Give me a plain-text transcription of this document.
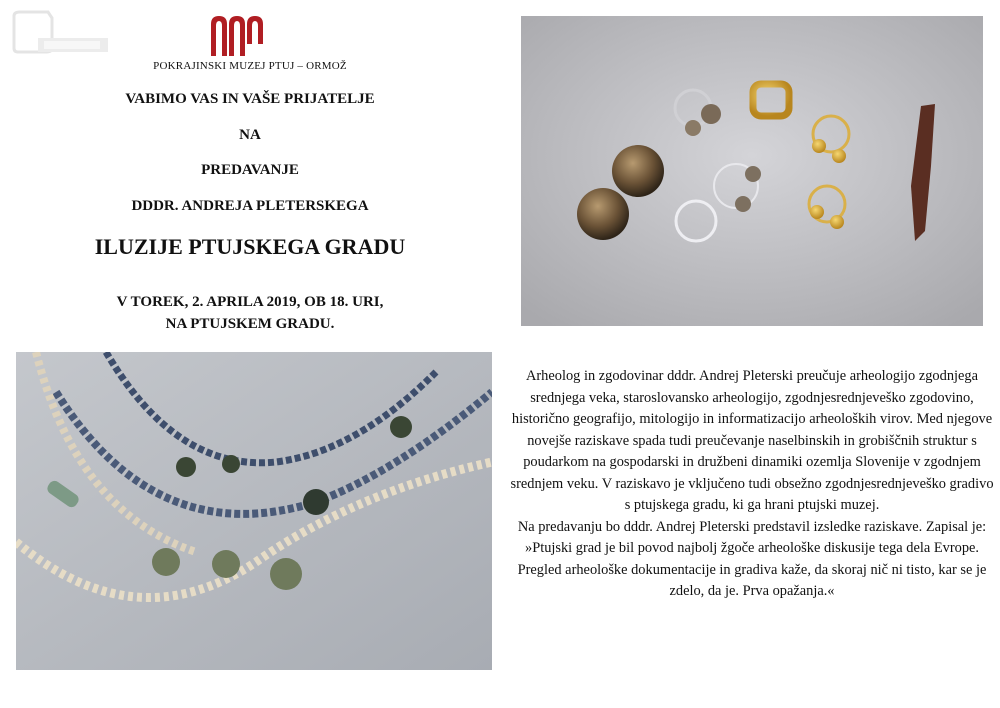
POKRAJINSKI MUZEJ PTUJ – ORMOŽ
VABIMO VAS IN VAŠE PRIJATELJE
NA
PREDAVANJE
DDDR. ANDREJA PLETERSKEGA
ILUZIJE PTUJSKEGA GRADU
V TOREK, 2. APRILA 2019, OB 18. URI,
NA PTUJSKEM GRADU.

Arheolog in zgodovinar dddr. Andrej Pleterski preučuje arheologijo zgodnjega srednjega veka, staroslovansko arheologijo, zgodnjesrednjeveško zgodovino, historično geografijo, mitologijo in informatizacijo arheoloških virov. Med njegove novejše raziskave spada tudi preučevanje naselbinskih in grobiščnih struktur s poudarkom na gospodarski in družbeni dinamiki ozemlja Slovenije v zgodnjem srednjem veku. V raziskavo je vključeno tudi obsežno zgodnjesrednjeveško gradivo s ptujskega gradu, ki ga hrani ptujski muzej.

Na predavanju bo dddr. Andrej Pleterski predstavil izsledke raziskave. Zapisal je:

»Ptujski grad je bil povod najbolj žgoče arheološke diskusije tega dela Evrope. Pregled arheološke dokumentacije in gradiva kaže, da skoraj nič ni tisto, kar se je zdelo, da je. Prva opažanja.«
